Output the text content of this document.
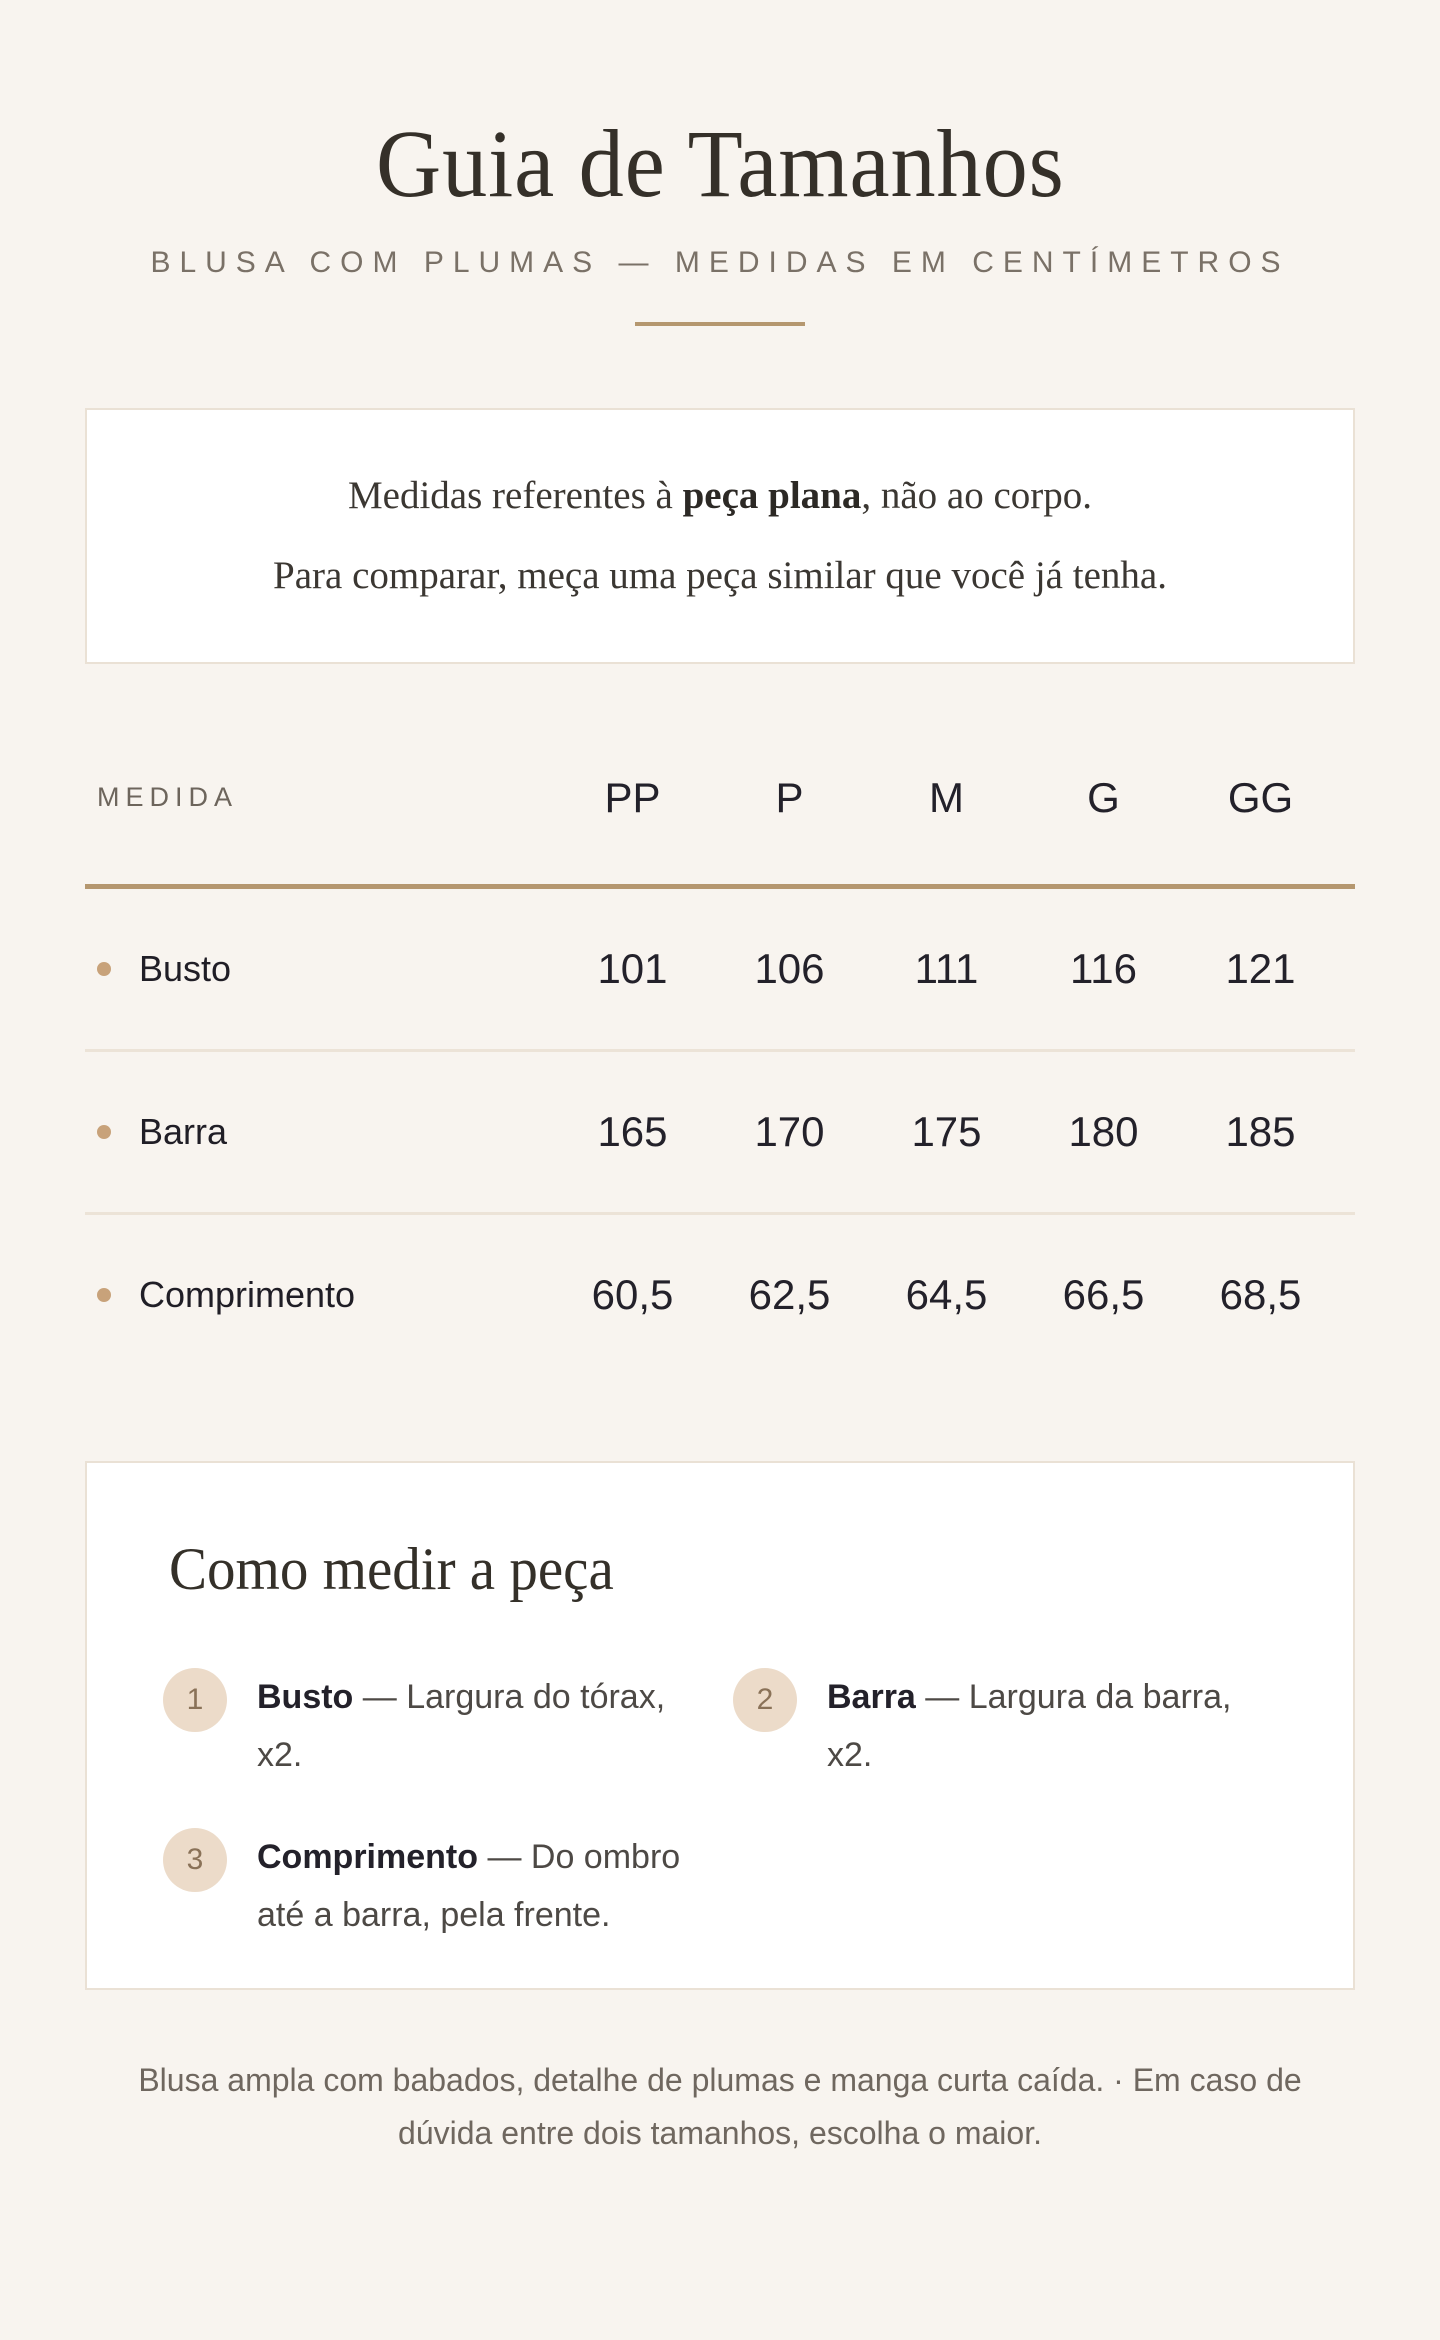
Guia de Tamanhos
BLUSA COM PLUMAS — MEDIDAS EM CENTÍMETROS
Medidas referentes à peça plana, não ao corpo.
Para comparar, meça uma peça similar que você já tenha.
MEDIDA	PP	P	M	G	GG
Busto	101	106	111	116	121
Barra	165	170	175	180	185
Comprimento	60,5	62,5	64,5	66,5	68,5
Como medir a peça
1	Busto — Largura do tórax, x2.
2	Barra — Largura da barra, x2.
3	Comprimento — Do ombro até a barra, pela frente.
Blusa ampla com babados, detalhe de plumas e manga curta caída. · Em caso de dúvida entre dois tamanhos, escolha o maior.
